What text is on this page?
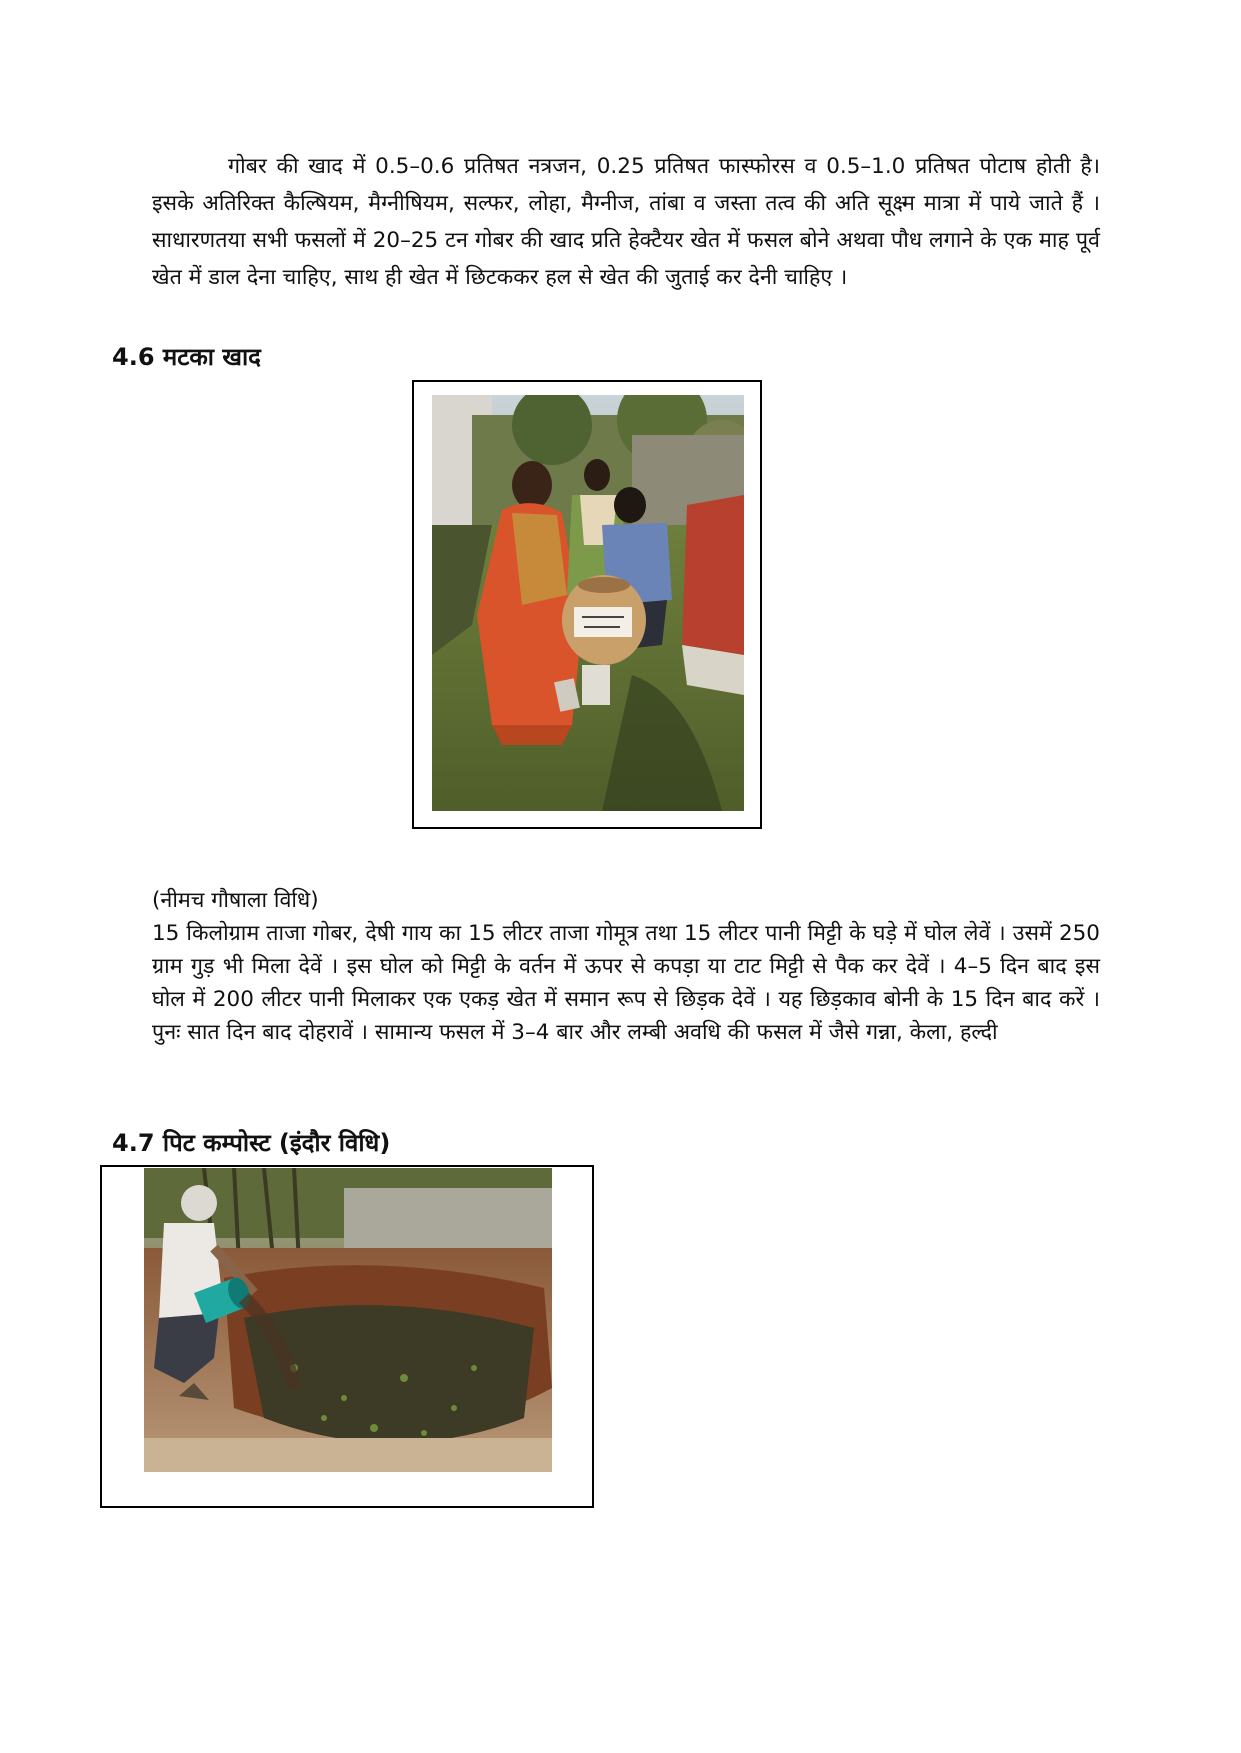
गोबर की खाद में 0.5–0.6 प्रतिषत नत्रजन, 0.25 प्रतिषत फास्फोरस व 0.5–1.0 प्रतिषत पोटाष होती है। इसके अतिरिक्त कैल्षियम, मैग्नीषियम, सल्फर, लोहा, मैग्नीज, तांबा व जस्ता तत्व की अति सूक्ष्म मात्रा में पाये जाते हैं । साधारणतया सभी फसलों में 20–25 टन गोबर की खाद प्रति हेक्टैयर खेत में फसल बोने अथवा पौध लगाने के एक माह पूर्व खेत में डाल देना चाहिए, साथ ही खेत में छिटककर हल से खेत की जुताई कर देनी चाहिए ।

4.6 मटका खाद

(नीमच गौषाला विधि)
15 किलोग्राम ताजा गोबर, देषी गाय का 15 लीटर ताजा गोमूत्र तथा 15 लीटर पानी मिट्टी के घड़े में घोल लेवें । उसमें 250 ग्राम गुड़ भी मिला देवें । इस घोल को मिट्टी के वर्तन में ऊपर से कपड़ा या टाट मिट्टी से पैक कर देवें । 4–5 दिन बाद इस घोल में 200 लीटर पानी मिलाकर एक एकड़ खेत में समान रूप से छिड़क देवें । यह छिड़काव बोनी के 15 दिन बाद करें । पुनः सात दिन बाद दोहरावें । सामान्य फसल में 3–4 बार और लम्बी अवधि की फसल में जैसे गन्ना, केला, हल्दी

4.7 पिट कम्पोस्ट (इंदौर विधि)
